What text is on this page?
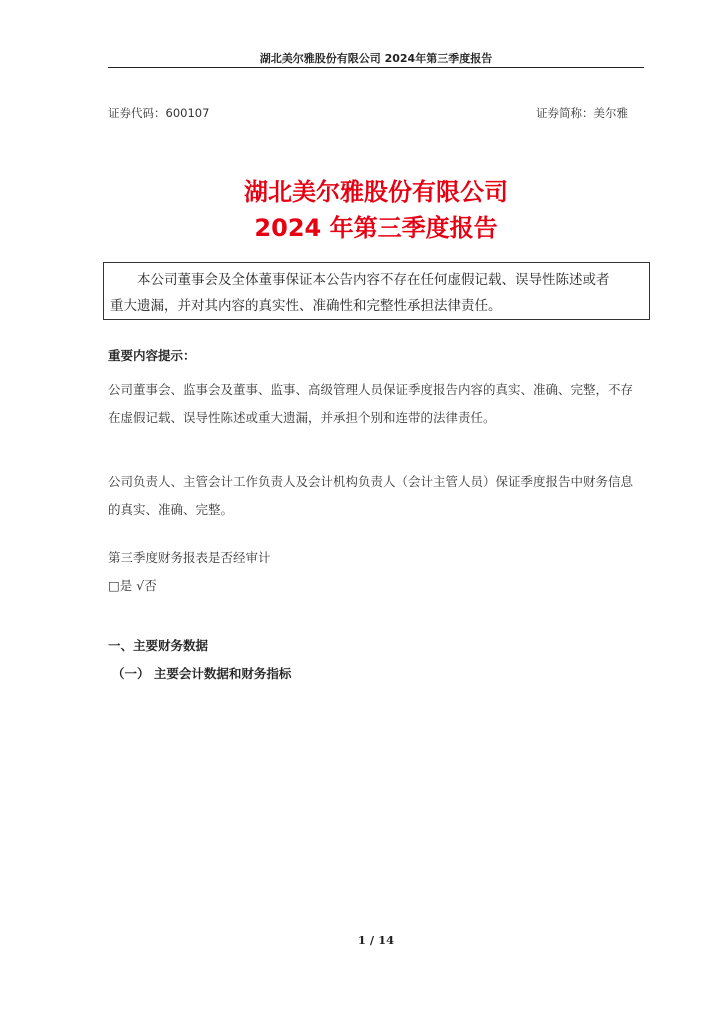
湖北美尔雅股份有限公司 2024年第三季度报告
证券代码：600107	证券简称：美尔雅
湖北美尔雅股份有限公司
2024 年第三季度报告
本公司董事会及全体董事保证本公告内容不存在任何虚假记载、误导性陈述或者
重大遗漏，并对其内容的真实性、准确性和完整性承担法律责任。
重要内容提示：
公司董事会、监事会及董事、监事、高级管理人员保证季度报告内容的真实、准确、完整，不存
在虚假记载、误导性陈述或重大遗漏，并承担个别和连带的法律责任。
公司负责人、主管会计工作负责人及会计机构负责人（会计主管人员）保证季度报告中财务信息
的真实、准确、完整。
第三季度财务报表是否经审计
□是 √否
一、主要财务数据
（一） 主要会计数据和财务指标
1 / 14
